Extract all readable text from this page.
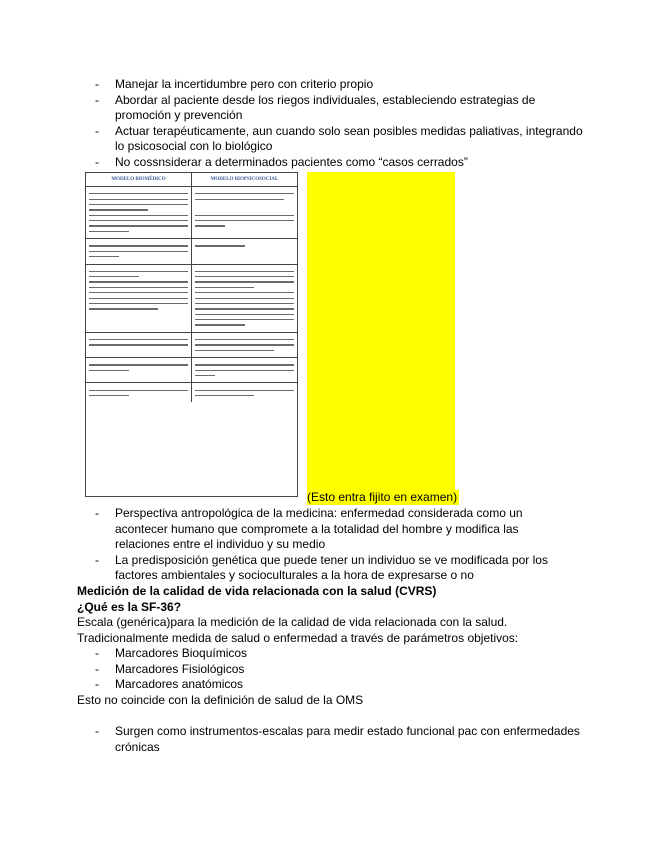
- Manejar la incertidumbre pero con criterio propio
- Abordar al paciente desde los riegos individuales, estableciendo estrategias de promoción y prevención
- Actuar terapéuticamente, aun cuando solo sean posibles medidas paliativas, integrando lo psicosocial con lo biológico
- No cossnsiderar a determinados pacientes como “casos cerrados”
MODELO BIOMÉDICO	MODELO BIOPSICOSOCIAL
(Esto entra fijito en examen)
- Perspectiva antropológica de la medicina: enfermedad considerada como un acontecer humano que compromete a la totalidad del hombre y modifica las relaciones entre el individuo y su medio
- La predisposición genética que puede tener un individuo se ve modificada por los factores ambientales y socioculturales a la hora de expresarse o no

Medición de la calidad de vida relacionada con la salud (CVRS)

¿Qué es la SF-36?

Escala (genérica)para la medición de la calidad de vida relacionada con la salud.

Tradicionalmente medida de salud o enfermedad a través de parámetros objetivos:

- Marcadores Bioquímicos
- Marcadores Fisiológicos
- Marcadores anatómicos

Esto no coincide con la definición de salud de la OMS

- Surgen como instrumentos-escalas para medir estado funcional pac con enfermedades crónicas
